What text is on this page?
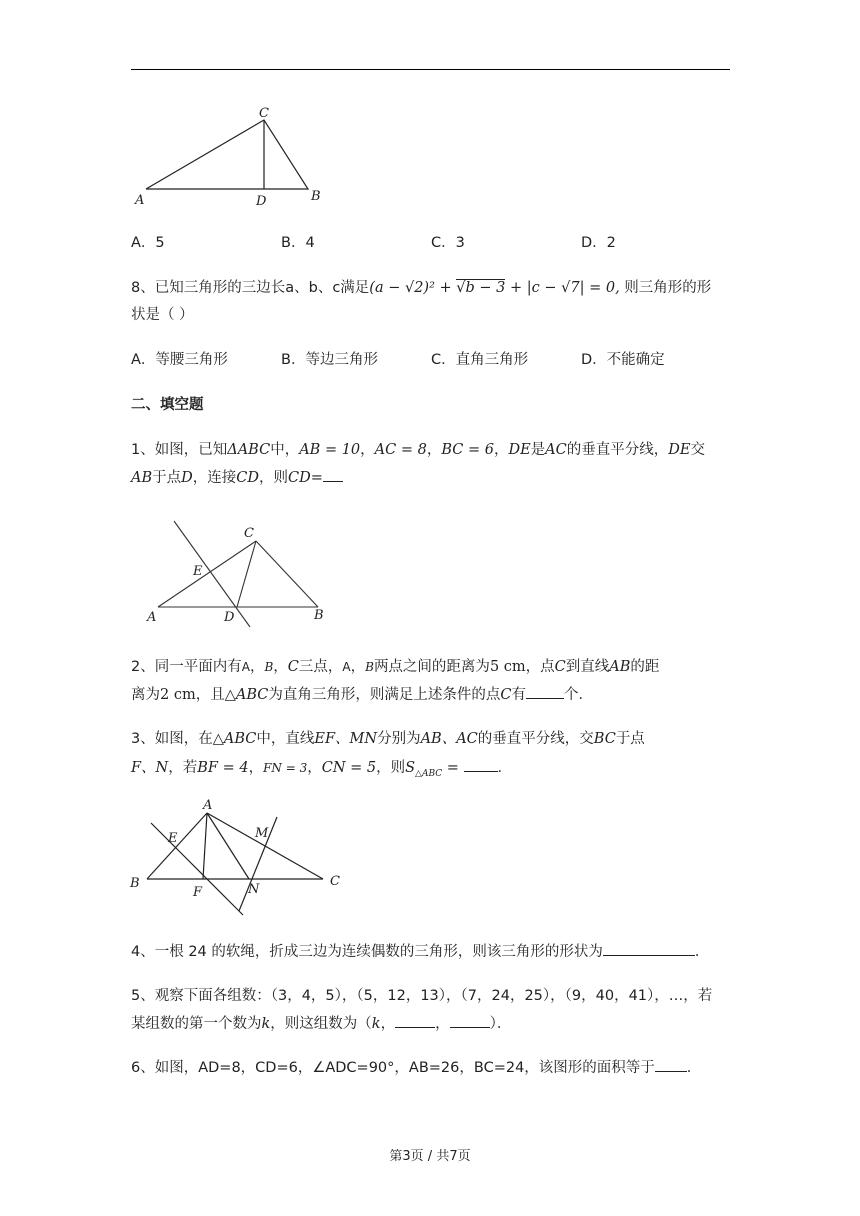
C
A	D	B
A．5	B．4	C．3	D．2
8、已知三角形的三边长a、b、c满足(a − √2)² + √b − 3 + |c − √7| = 0, 则三角形的形
状是（ ）
A．等腰三角形	B．等边三角形	C．直角三角形	D．不能确定
二、填空题
1、如图，已知ΔABC中，AB = 10，AC = 8，BC = 6，DE是AC的垂直平分线，DE交
AB于点D，连接CD，则CD=
C
E
A	D	B
2、同一平面内有A，B，C三点，A，B两点之间的距离为5 cm，点C到直线AB的距
离为2 cm，且△ABC为直角三角形，则满足上述条件的点C有	个．
3、如图，在△ABC中，直线EF、MN分别为AB、AC的垂直平分线，交BC于点
F、N，若BF = 4，FN = 3，CN = 5，则$S_{\triangle ABC}$ =	．
A
E	M
B
F	N
C
4、一根 24 的软绳，折成三边为连续偶数的三角形，则该三角形的形状为	．
5、观察下面各组数：（3，4，5），（5，12，13），（7，24，25），（9，40，41），…，若
某组数的第一个数为k，则这组数为（k，	，	）．
6、如图，AD=8，CD=6，∠ADC=90°，AB=26，BC=24，该图形的面积等于 ．
第3页 / 共7页
